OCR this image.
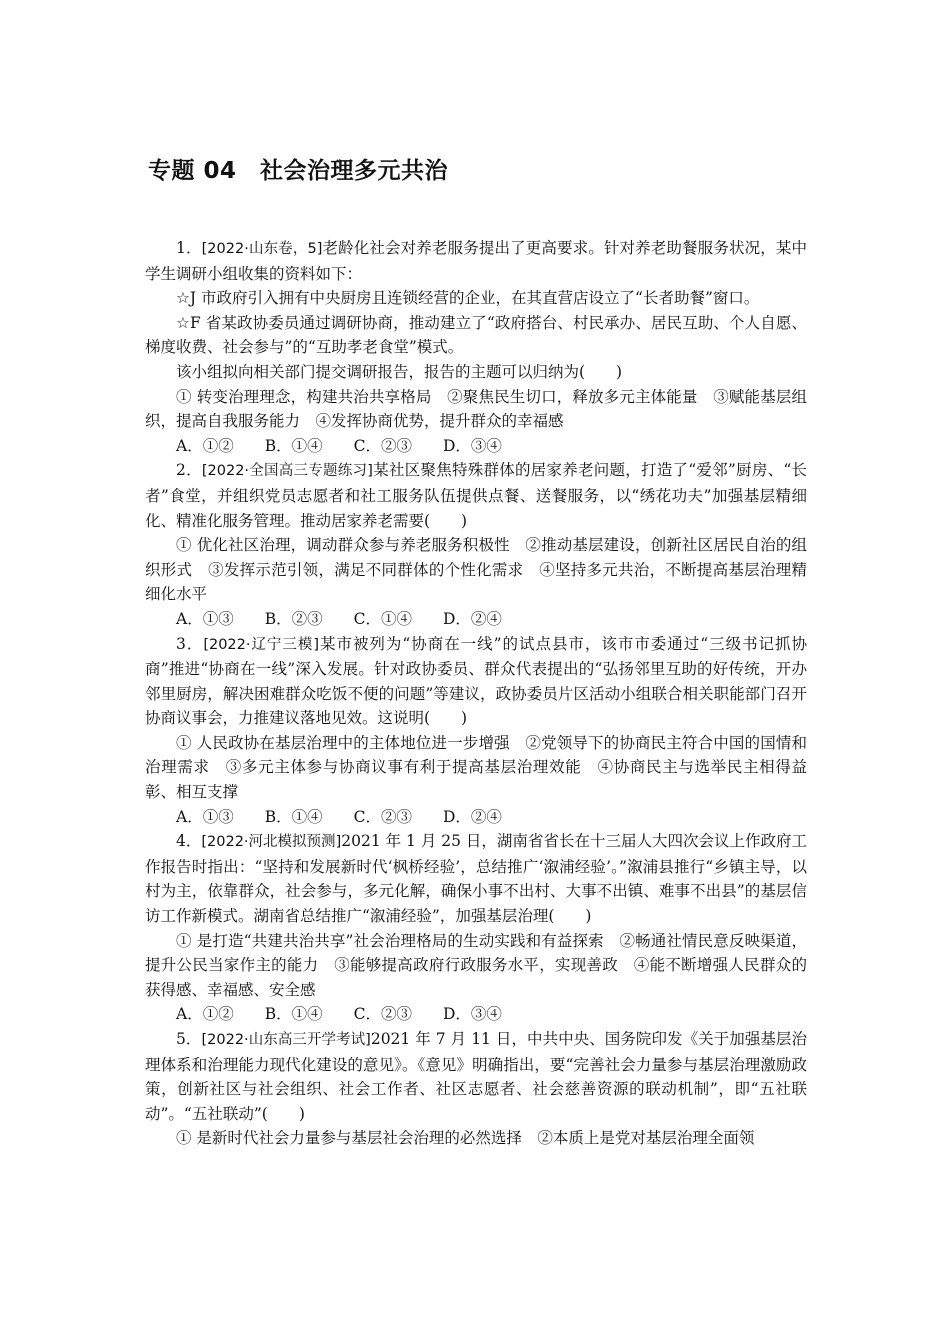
专题 04　社会治理多元共治

1．[2022·山东卷，5]老龄化社会对养老服务提出了更高要求。针对养老助餐服务状况，某中学生调研小组收集的资料如下：

☆J 市政府引入拥有中央厨房且连锁经营的企业，在其直营店设立了“长者助餐”窗口。

☆F 省某政协委员通过调研协商，推动建立了“政府搭台、村民承办、居民互助、个人自愿、梯度收费、社会参与”的“互助孝老食堂”模式。

该小组拟向相关部门提交调研报告，报告的主题可以归纳为(　　)

① 转变治理理念，构建共治共享格局　②聚焦民生切口，释放多元主体能量　③赋能基层组织，提高自我服务能力　④发挥协商优势，提升群众的幸福感

A．①②　　B．①④　　C．②③　　D．③④

2．[2022·全国高三专题练习]某社区聚焦特殊群体的居家养老问题，打造了“爱邻”厨房、“长者”食堂，并组织党员志愿者和社工服务队伍提供点餐、送餐服务，以“绣花功夫”加强基层精细化、精准化服务管理。推动居家养老需要(　　)

① 优化社区治理，调动群众参与养老服务积极性　②推动基层建设，创新社区居民自治的组织形式　③发挥示范引领，满足不同群体的个性化需求　④坚持多元共治，不断提高基层治理精细化水平

A．①③　　B．②③　　C．①④　　D．②④

3．[2022·辽宁三模]某市被列为“协商在一线”的试点县市，该市市委通过“三级书记抓协商”推进“协商在一线”深入发展。针对政协委员、群众代表提出的“弘扬邻里互助的好传统，开办邻里厨房，解决困难群众吃饭不便的问题”等建议，政协委员片区活动小组联合相关职能部门召开协商议事会，力推建议落地见效。这说明(　　)

① 人民政协在基层治理中的主体地位进一步增强　②党领导下的协商民主符合中国的国情和治理需求　③多元主体参与协商议事有利于提高基层治理效能　④协商民主与选举民主相得益彰、相互支撑

A．①③　　B．①④　　C．②③　　D．②④

4．[2022·河北模拟预测]2021 年 1 月 25 日，湖南省省长在十三届人大四次会议上作政府工作报告时指出：“坚持和发展新时代‘枫桥经验’，总结推广‘溆浦经验’。”溆浦县推行“乡镇主导，以村为主，依靠群众，社会参与，多元化解，确保小事不出村、大事不出镇、难事不出县”的基层信访工作新模式。湖南省总结推广“溆浦经验”，加强基层治理(　　)

① 是打造“共建共治共享”社会治理格局的生动实践和有益探索　②畅通社情民意反映渠道，提升公民当家作主的能力　③能够提高政府行政服务水平，实现善政　④能不断增强人民群众的获得感、幸福感、安全感

A．①②　　B．①④　　C．②③　　D．③④

5．[2022·山东高三开学考试]2021 年 7 月 11 日，中共中央、国务院印发《关于加强基层治理体系和治理能力现代化建设的意见》。《意见》明确指出，要“完善社会力量参与基层治理激励政策，创新社区与社会组织、社会工作者、社区志愿者、社会慈善资源的联动机制”，即“五社联动”。“五社联动”(　　)

① 是新时代社会力量参与基层社会治理的必然选择　②本质上是党对基层治理全面领
